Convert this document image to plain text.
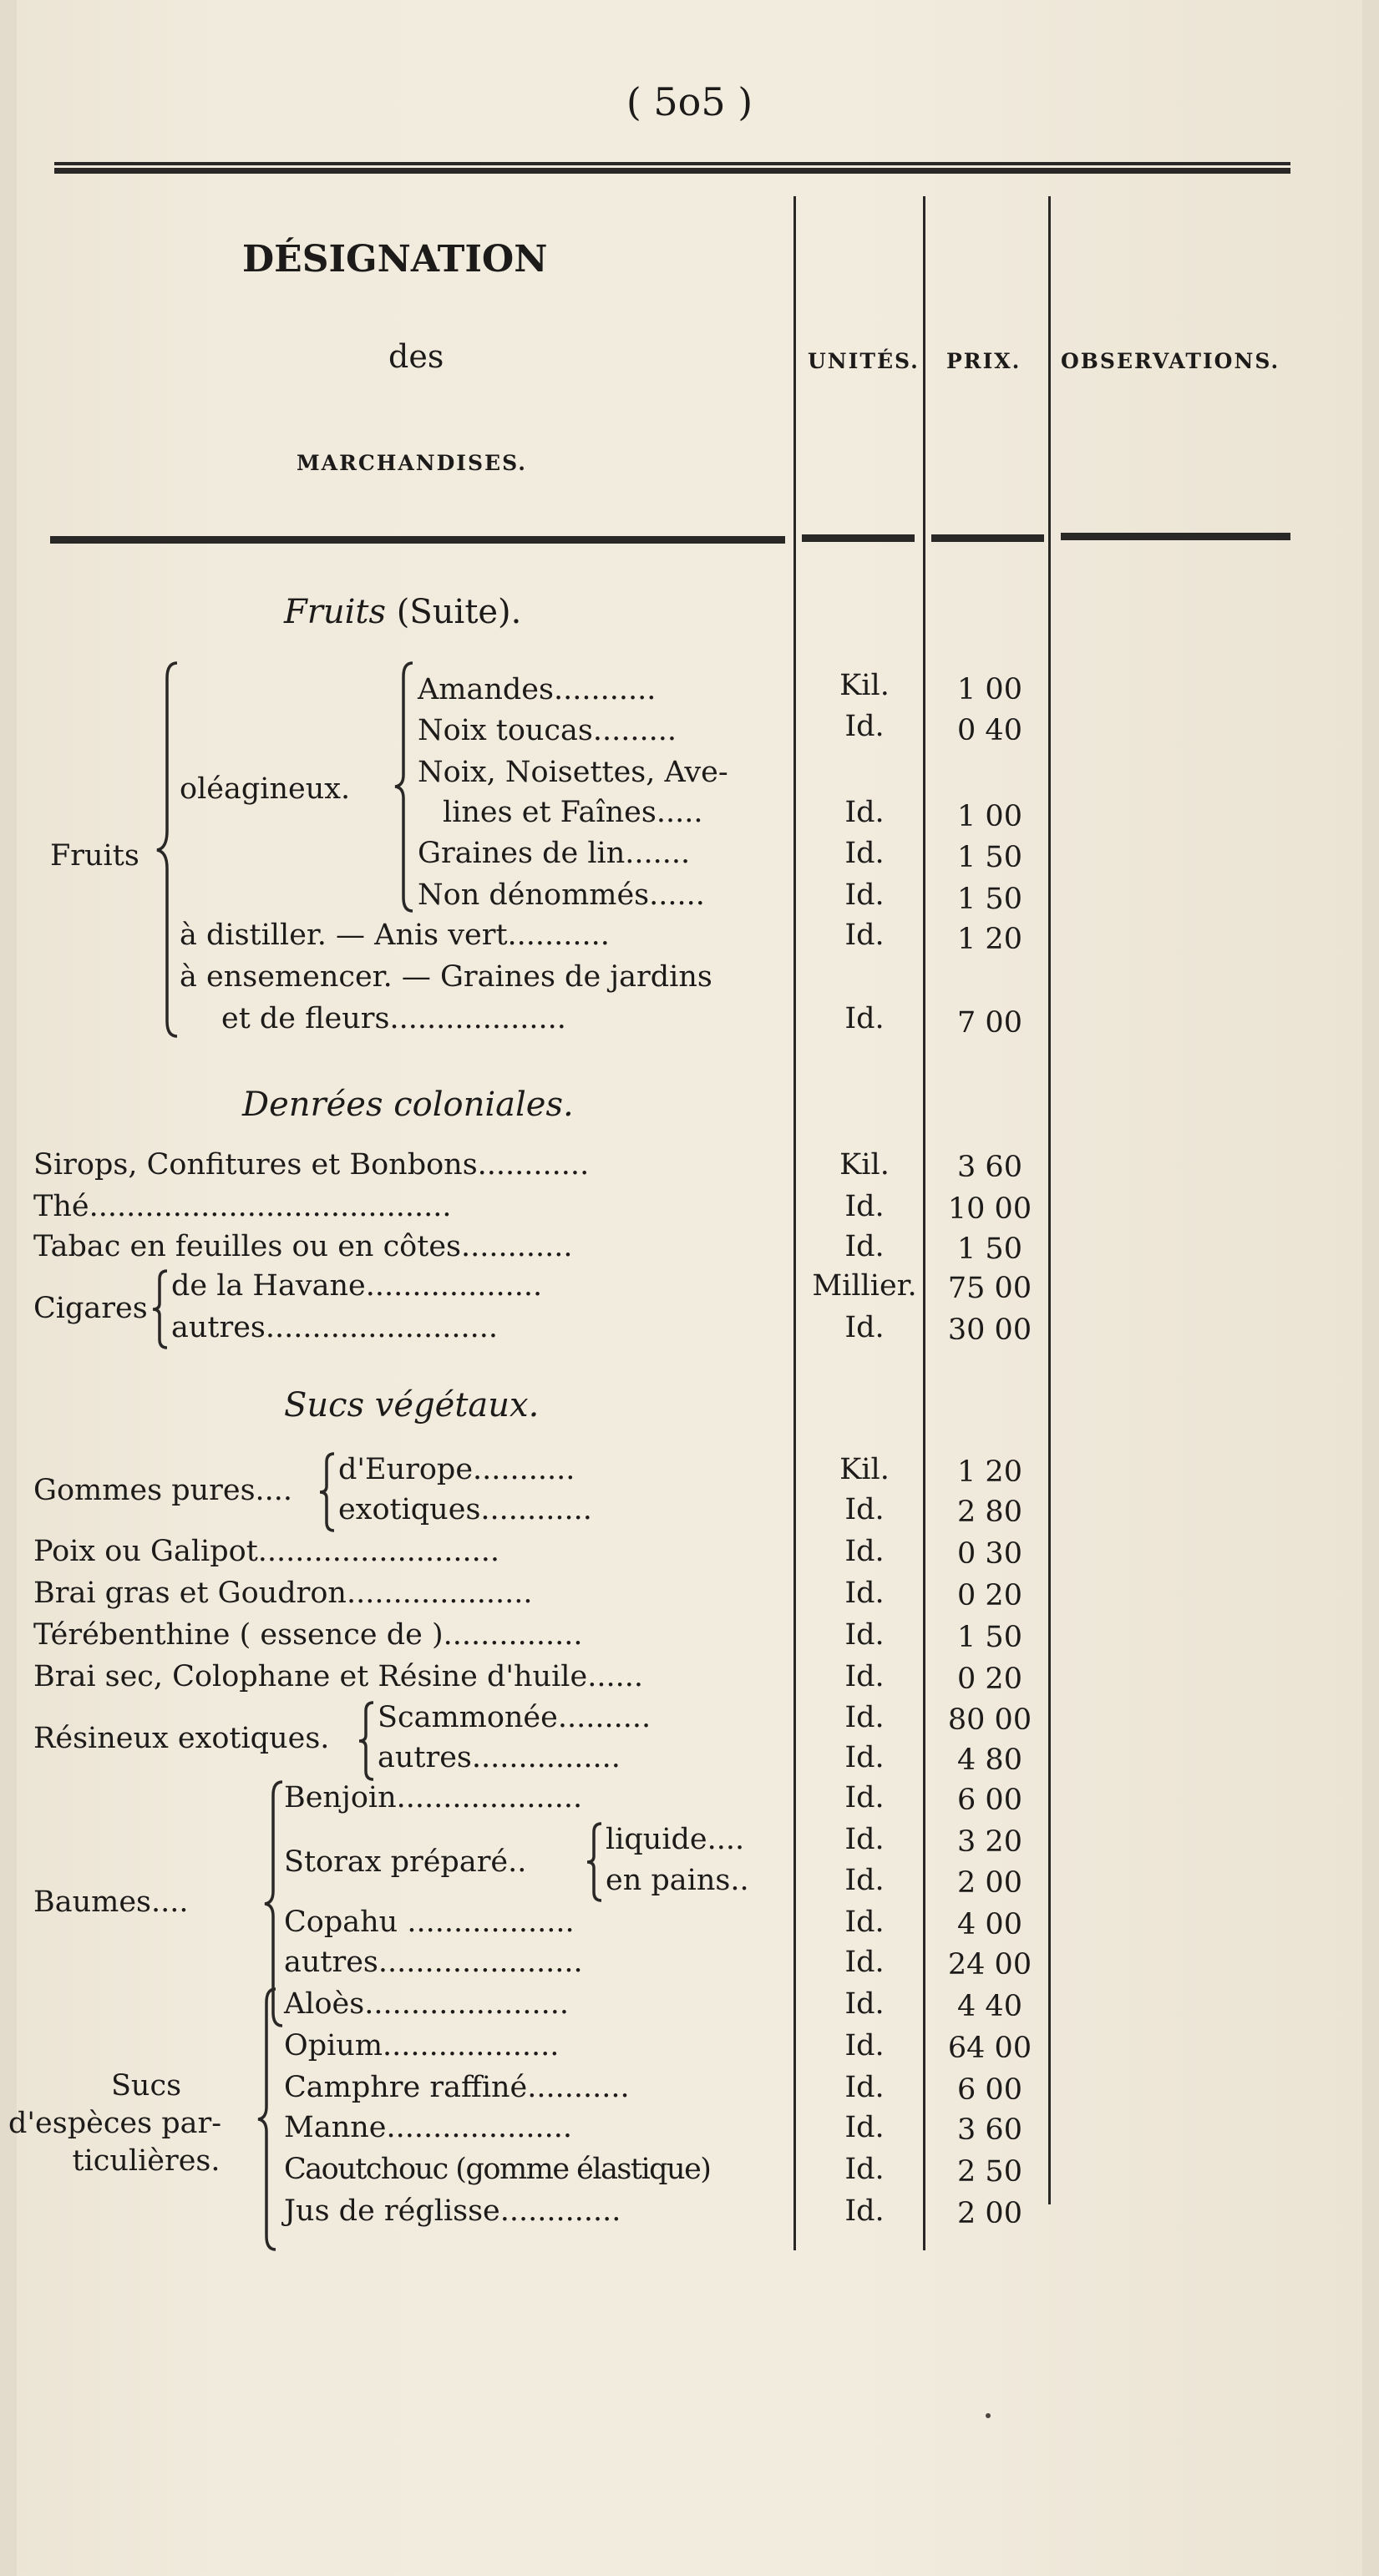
( 5o5 )
DÉSIGNATION
des
MARCHANDISES.
UNITÉS. PRIX. OBSERVATIONS.
Fruits (Suite).
Fruits
oléagineux.
Amandes...........	Kil.	1 00
Noix toucas.........	Id.	0 40
Noix, Noisettes, Ave-
lines et Faînes.....	Id.	1 00
Graines de lin.......	Id.	1 50
Non dénommés......	Id.	1 50
à distiller. — Anis vert...........	Id.	1 20
à ensemencer. — Graines de jardins
et de fleurs...................	Id.	7 00
Denrées coloniales.
Sirops, Confitures et Bonbons............	Kil.	3 60
Thé.......................................	Id.	10 00
Tabac en feuilles ou en côtes............	Id.	1 50
Cigares
de la Havane...................	Millier.	75 00
autres.........................	Id.	30 00
Sucs végétaux.
Gommes pures....
d'Europe...........	Kil.	1 20
exotiques............	Id.	2 80
Poix ou Galipot..........................	Id.	0 30
Brai gras et Goudron....................	Id.	0 20
Térébenthine ( essence de )...............	Id.	1 50
Brai sec, Colophane et Résine d'huile......	Id.	0 20
Résineux exotiques.
Scammonée..........	Id.	80 00
autres................	Id.	4 80
Baumes....
Benjoin....................	Id.	6 00
Storax préparé..
liquide....	Id.	3 20
en pains..	Id.	2 00
Copahu ..................	Id.	4 00
autres......................	Id.	24 00
Sucs
d'espèces par-
ticulières.
Aloès......................	Id.	4 40
Opium...................	Id.	64 00
Camphre raffiné...........	Id.	6 00
Manne....................	Id.	3 60
Caoutchouc (gomme élastique)	Id.	2 50
Jus de réglisse.............	Id.	2 00
